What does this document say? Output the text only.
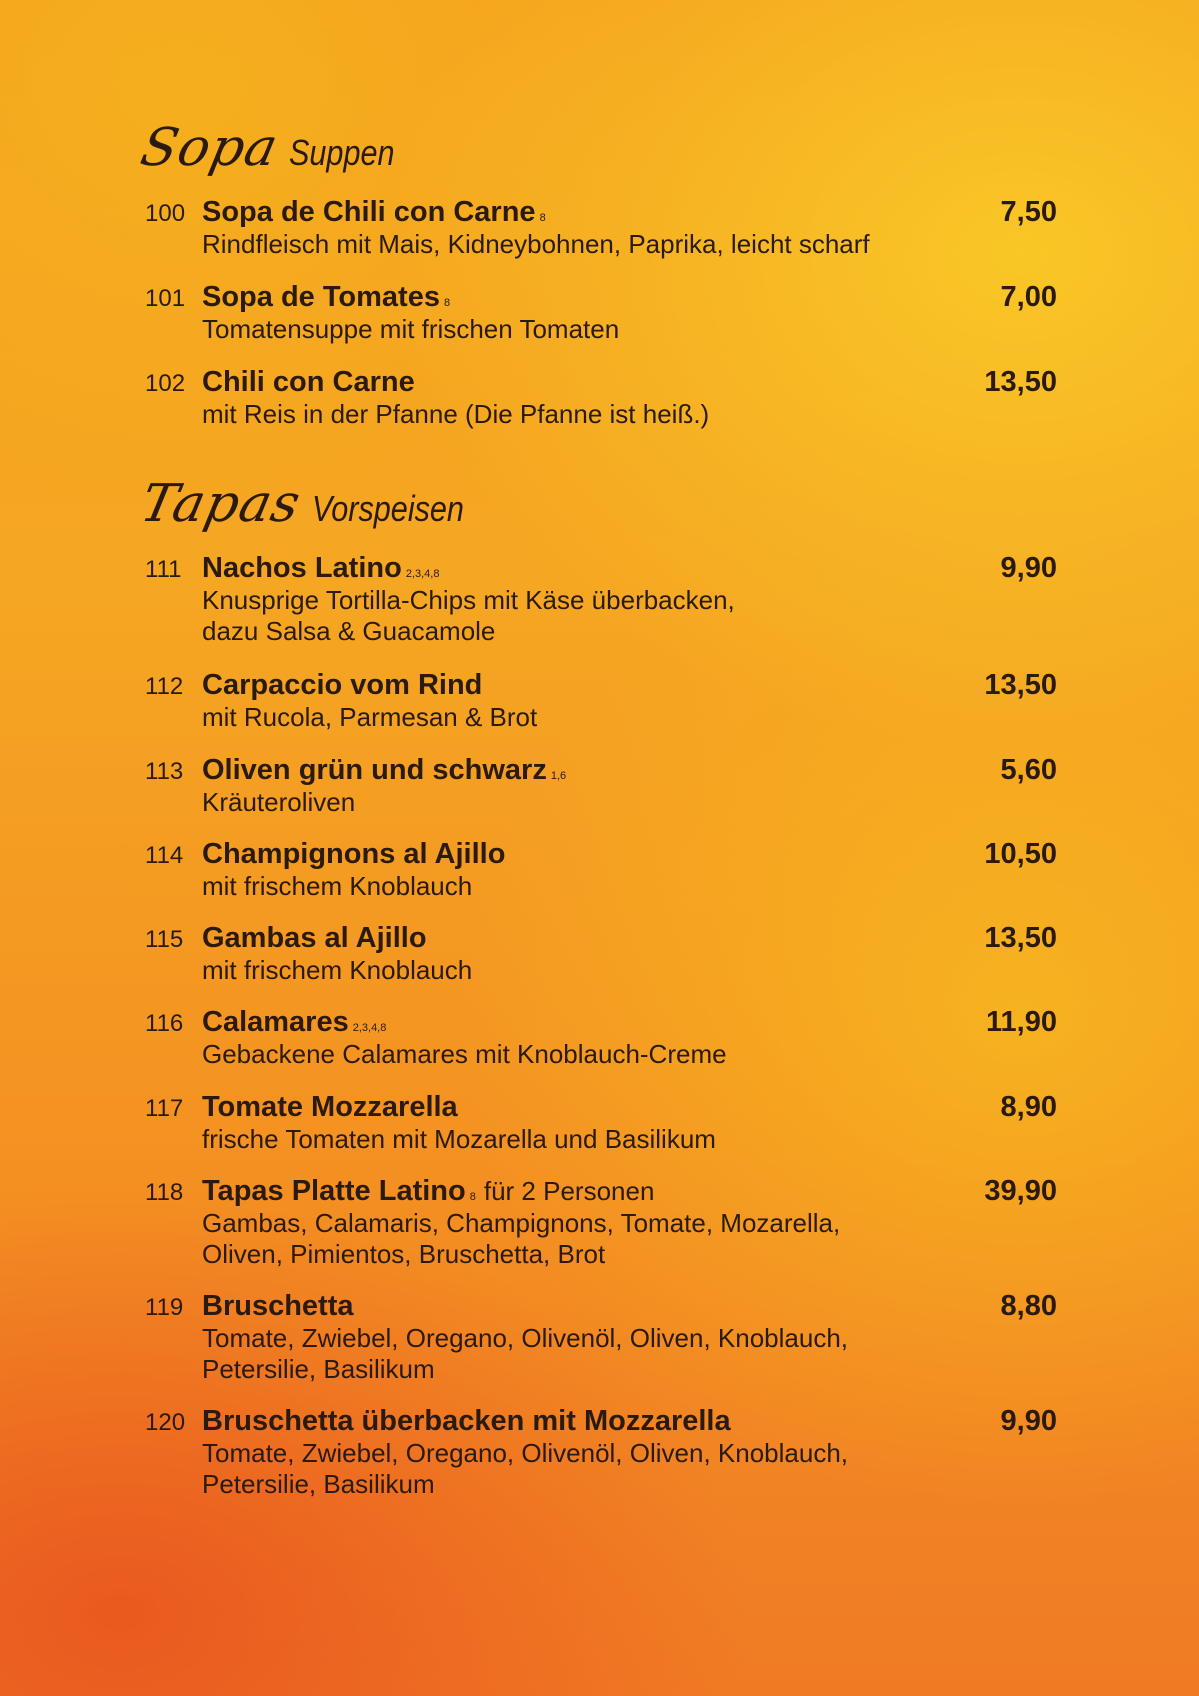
Sopa Suppen
100 Sopa de Chili con Carne 8	7,50
Rindfleisch mit Mais, Kidneybohnen, Paprika, leicht scharf
101 Sopa de Tomates 8	7,00
Tomatensuppe mit frischen Tomaten
102 Chili con Carne	13,50
mit Reis in der Pfanne (Die Pfanne ist heiß.)
Tapas Vorspeisen
111 Nachos Latino 2,3,4,8	9,90
Knusprige Tortilla-Chips mit Käse überbacken,
dazu Salsa & Guacamole
112 Carpaccio vom Rind	13,50
mit Rucola, Parmesan & Brot
113 Oliven grün und schwarz 1,6	5,60
Kräuteroliven
114 Champignons al Ajillo	10,50
mit frischem Knoblauch
115 Gambas al Ajillo	13,50
mit frischem Knoblauch
116 Calamares 2,3,4,8	11,90
Gebackene Calamares mit Knoblauch-Creme
117 Tomate Mozzarella	8,90
frische Tomaten mit Mozarella und Basilikum
118 Tapas Platte Latino 8 für 2 Personen	39,90
Gambas, Calamaris, Champignons, Tomate, Mozarella,
Oliven, Pimientos, Bruschetta, Brot
119 Bruschetta	8,80
Tomate, Zwiebel, Oregano, Olivenöl, Oliven, Knoblauch,
Petersilie, Basilikum
120 Bruschetta überbacken mit Mozzarella	9,90
Tomate, Zwiebel, Oregano, Olivenöl, Oliven, Knoblauch,
Petersilie, Basilikum
